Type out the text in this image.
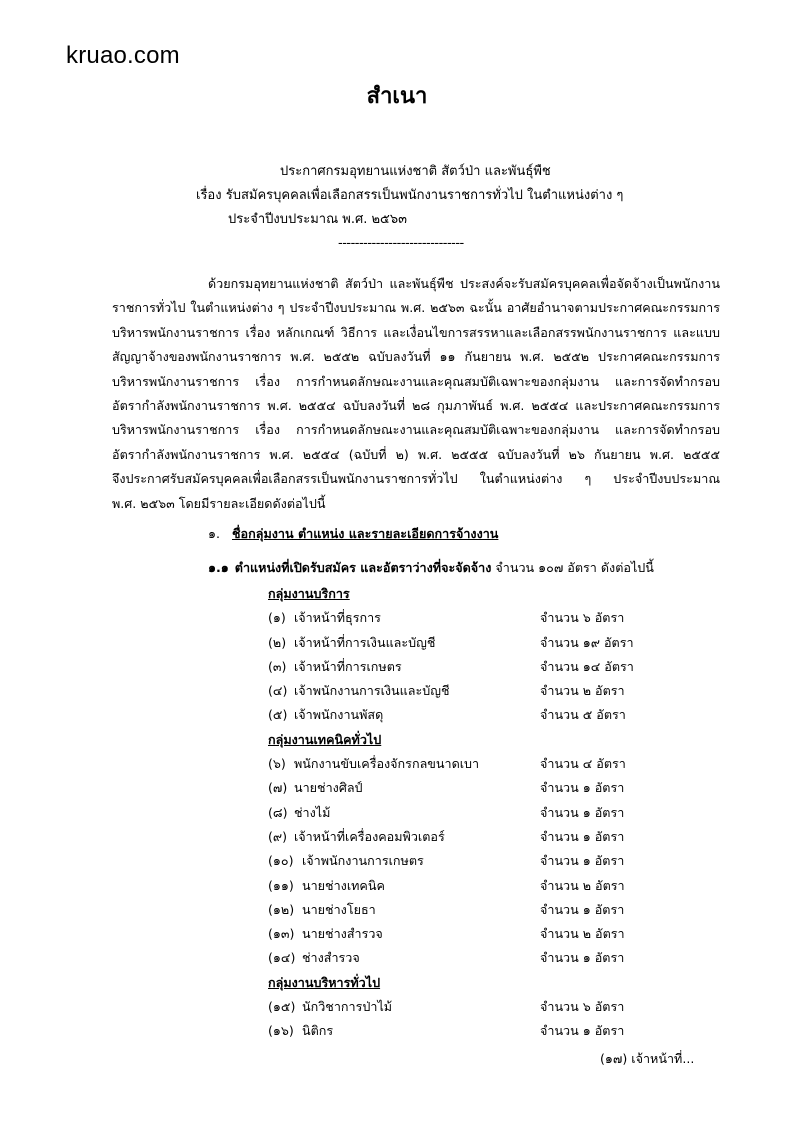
kruao.com
สำเนา
ประกาศกรมอุทยานแห่งชาติ สัตว์ป่า และพันธุ์พืช
เรื่อง รับสมัครบุคคลเพื่อเลือกสรรเป็นพนักงานราชการทั่วไป ในตำแหน่งต่าง ๆ
ประจำปีงบประมาณ พ.ศ. ๒๕๖๓
------------------------------
ด้วยกรมอุทยานแห่งชาติ สัตว์ป่า และพันธุ์พืช ประสงค์จะรับสมัครบุคคลเพื่อจัดจ้างเป็นพนักงาน
ราชการทั่วไป ในตำแหน่งต่าง ๆ ประจำปีงบประมาณ พ.ศ. ๒๕๖๓ ฉะนั้น อาศัยอำนาจตามประกาศคณะกรรมการ
บริหารพนักงานราชการ เรื่อง หลักเกณฑ์ วิธีการ และเงื่อนไขการสรรหาและเลือกสรรพนักงานราชการ และแบบ
สัญญาจ้างของพนักงานราชการ พ.ศ. ๒๕๕๒ ฉบับลงวันที่ ๑๑ กันยายน พ.ศ. ๒๕๕๒ ประกาศคณะกรรมการ
บริหารพนักงานราชการ เรื่อง การกำหนดลักษณะงานและคุณสมบัติเฉพาะของกลุ่มงาน และการจัดทำกรอบ
อัตรากำลังพนักงานราชการ พ.ศ. ๒๕๕๔ ฉบับลงวันที่ ๒๘ กุมภาพันธ์ พ.ศ. ๒๕๕๔ และประกาศคณะกรรมการ
บริหารพนักงานราชการ เรื่อง การกำหนดลักษณะงานและคุณสมบัติเฉพาะของกลุ่มงาน และการจัดทำกรอบ
อัตรากำลังพนักงานราชการ พ.ศ. ๒๕๕๔ (ฉบับที่ ๒) พ.ศ. ๒๕๕๕ ฉบับลงวันที่ ๒๖ กันยายน พ.ศ. ๒๕๕๕
จึงประกาศรับสมัครบุคคลเพื่อเลือกสรรเป็นพนักงานราชการทั่วไป ในตำแหน่งต่าง ๆ ประจำปีงบประมาณ
พ.ศ. ๒๕๖๓ โดยมีรายละเอียดดังต่อไปนี้
๑. ชื่อกลุ่มงาน ตำแหน่ง และรายละเอียดการจ้างงาน
๑.๑ ตำแหน่งที่เปิดรับสมัคร และอัตราว่างที่จะจัดจ้าง จำนวน ๑๐๗ อัตรา ดังต่อไปนี้
กลุ่มงานบริการ
(๑) เจ้าหน้าที่ธุรการ	จำนวน ๖ อัตรา
(๒) เจ้าหน้าที่การเงินและบัญชี	จำนวน ๑๙ อัตรา
(๓) เจ้าหน้าที่การเกษตร	จำนวน ๑๔ อัตรา
(๔) เจ้าพนักงานการเงินและบัญชี	จำนวน ๒ อัตรา
(๕) เจ้าพนักงานพัสดุ	จำนวน ๕ อัตรา
กลุ่มงานเทคนิคทั่วไป
(๖) พนักงานขับเครื่องจักรกลขนาดเบา	จำนวน ๔ อัตรา
(๗) นายช่างศิลป์	จำนวน ๑ อัตรา
(๘) ช่างไม้	จำนวน ๑ อัตรา
(๙) เจ้าหน้าที่เครื่องคอมพิวเตอร์	จำนวน ๑ อัตรา
(๑๐) เจ้าพนักงานการเกษตร	จำนวน ๑ อัตรา
(๑๑) นายช่างเทคนิค	จำนวน ๒ อัตรา
(๑๒) นายช่างโยธา	จำนวน ๑ อัตรา
(๑๓) นายช่างสำรวจ	จำนวน ๒ อัตรา
(๑๔) ช่างสำรวจ	จำนวน ๑ อัตรา
กลุ่มงานบริหารทั่วไป
(๑๕) นักวิชาการป่าไม้	จำนวน ๖ อัตรา
(๑๖) นิติกร	จำนวน ๑ อัตรา
(๑๗) เจ้าหน้าที่...
